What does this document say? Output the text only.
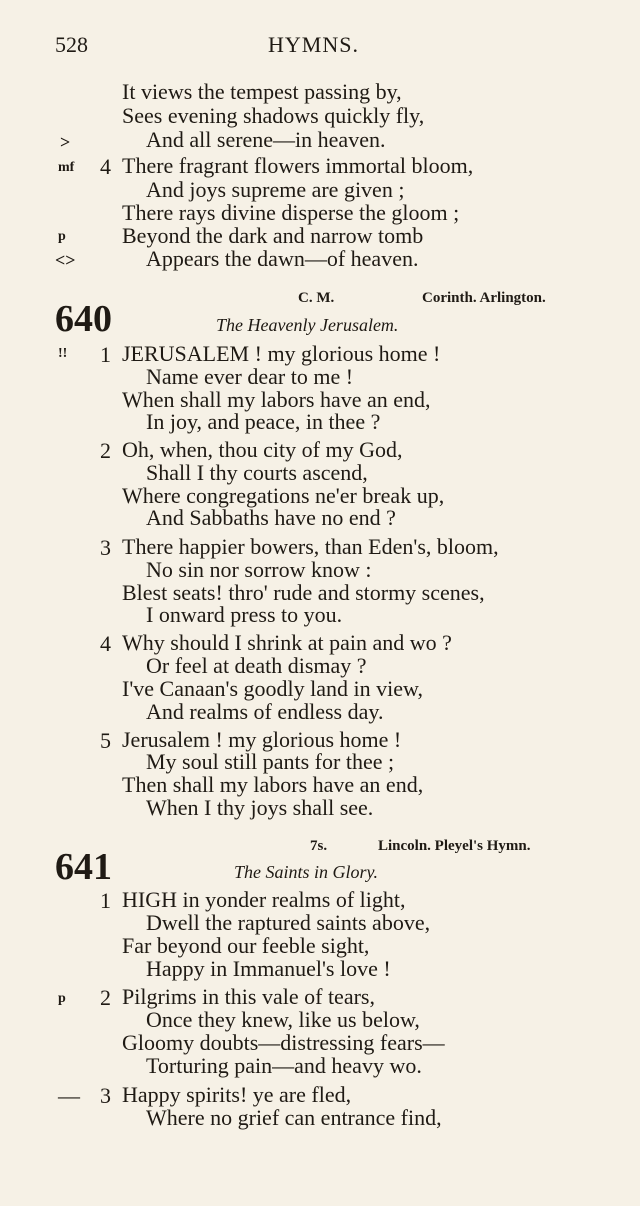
528	HYMNS.
It views the tempest passing by,
Sees evening shadows quickly fly,
>	And all serene—in heaven.
mf 4 There fragrant flowers immortal bloom,
And joys supreme are given ;
There rays divine disperse the gloom ;
p	Beyond the dark and narrow tomb
<>	Appears the dawn—of heaven.
640	C. M.	Corinth. Arlington.
The Heavenly Jerusalem.
!! 1 JERUSALEM ! my glorious home !
Name ever dear to me !
When shall my labors have an end,
In joy, and peace, in thee ?
2 Oh, when, thou city of my God,
Shall I thy courts ascend,
Where congregations ne'er break up,
And Sabbaths have no end ?
3 There happier bowers, than Eden's, bloom,
No sin nor sorrow know :
Blest seats! thro' rude and stormy scenes,
I onward press to you.
4 Why should I shrink at pain and wo ?
Or feel at death dismay ?
I've Canaan's goodly land in view,
And realms of endless day.
5 Jerusalem ! my glorious home !
My soul still pants for thee ;
Then shall my labors have an end,
When I thy joys shall see.
641	7s.	Lincoln. Pleyel's Hymn.
The Saints in Glory.
1 HIGH in yonder realms of light,
Dwell the raptured saints above,
Far beyond our feeble sight,
Happy in Immanuel's love !
p 2 Pilgrims in this vale of tears,
Once they knew, like us below,
Gloomy doubts—distressing fears—
Torturing pain—and heavy wo.
— 3 Happy spirits! ye are fled,
Where no grief can entrance find,
